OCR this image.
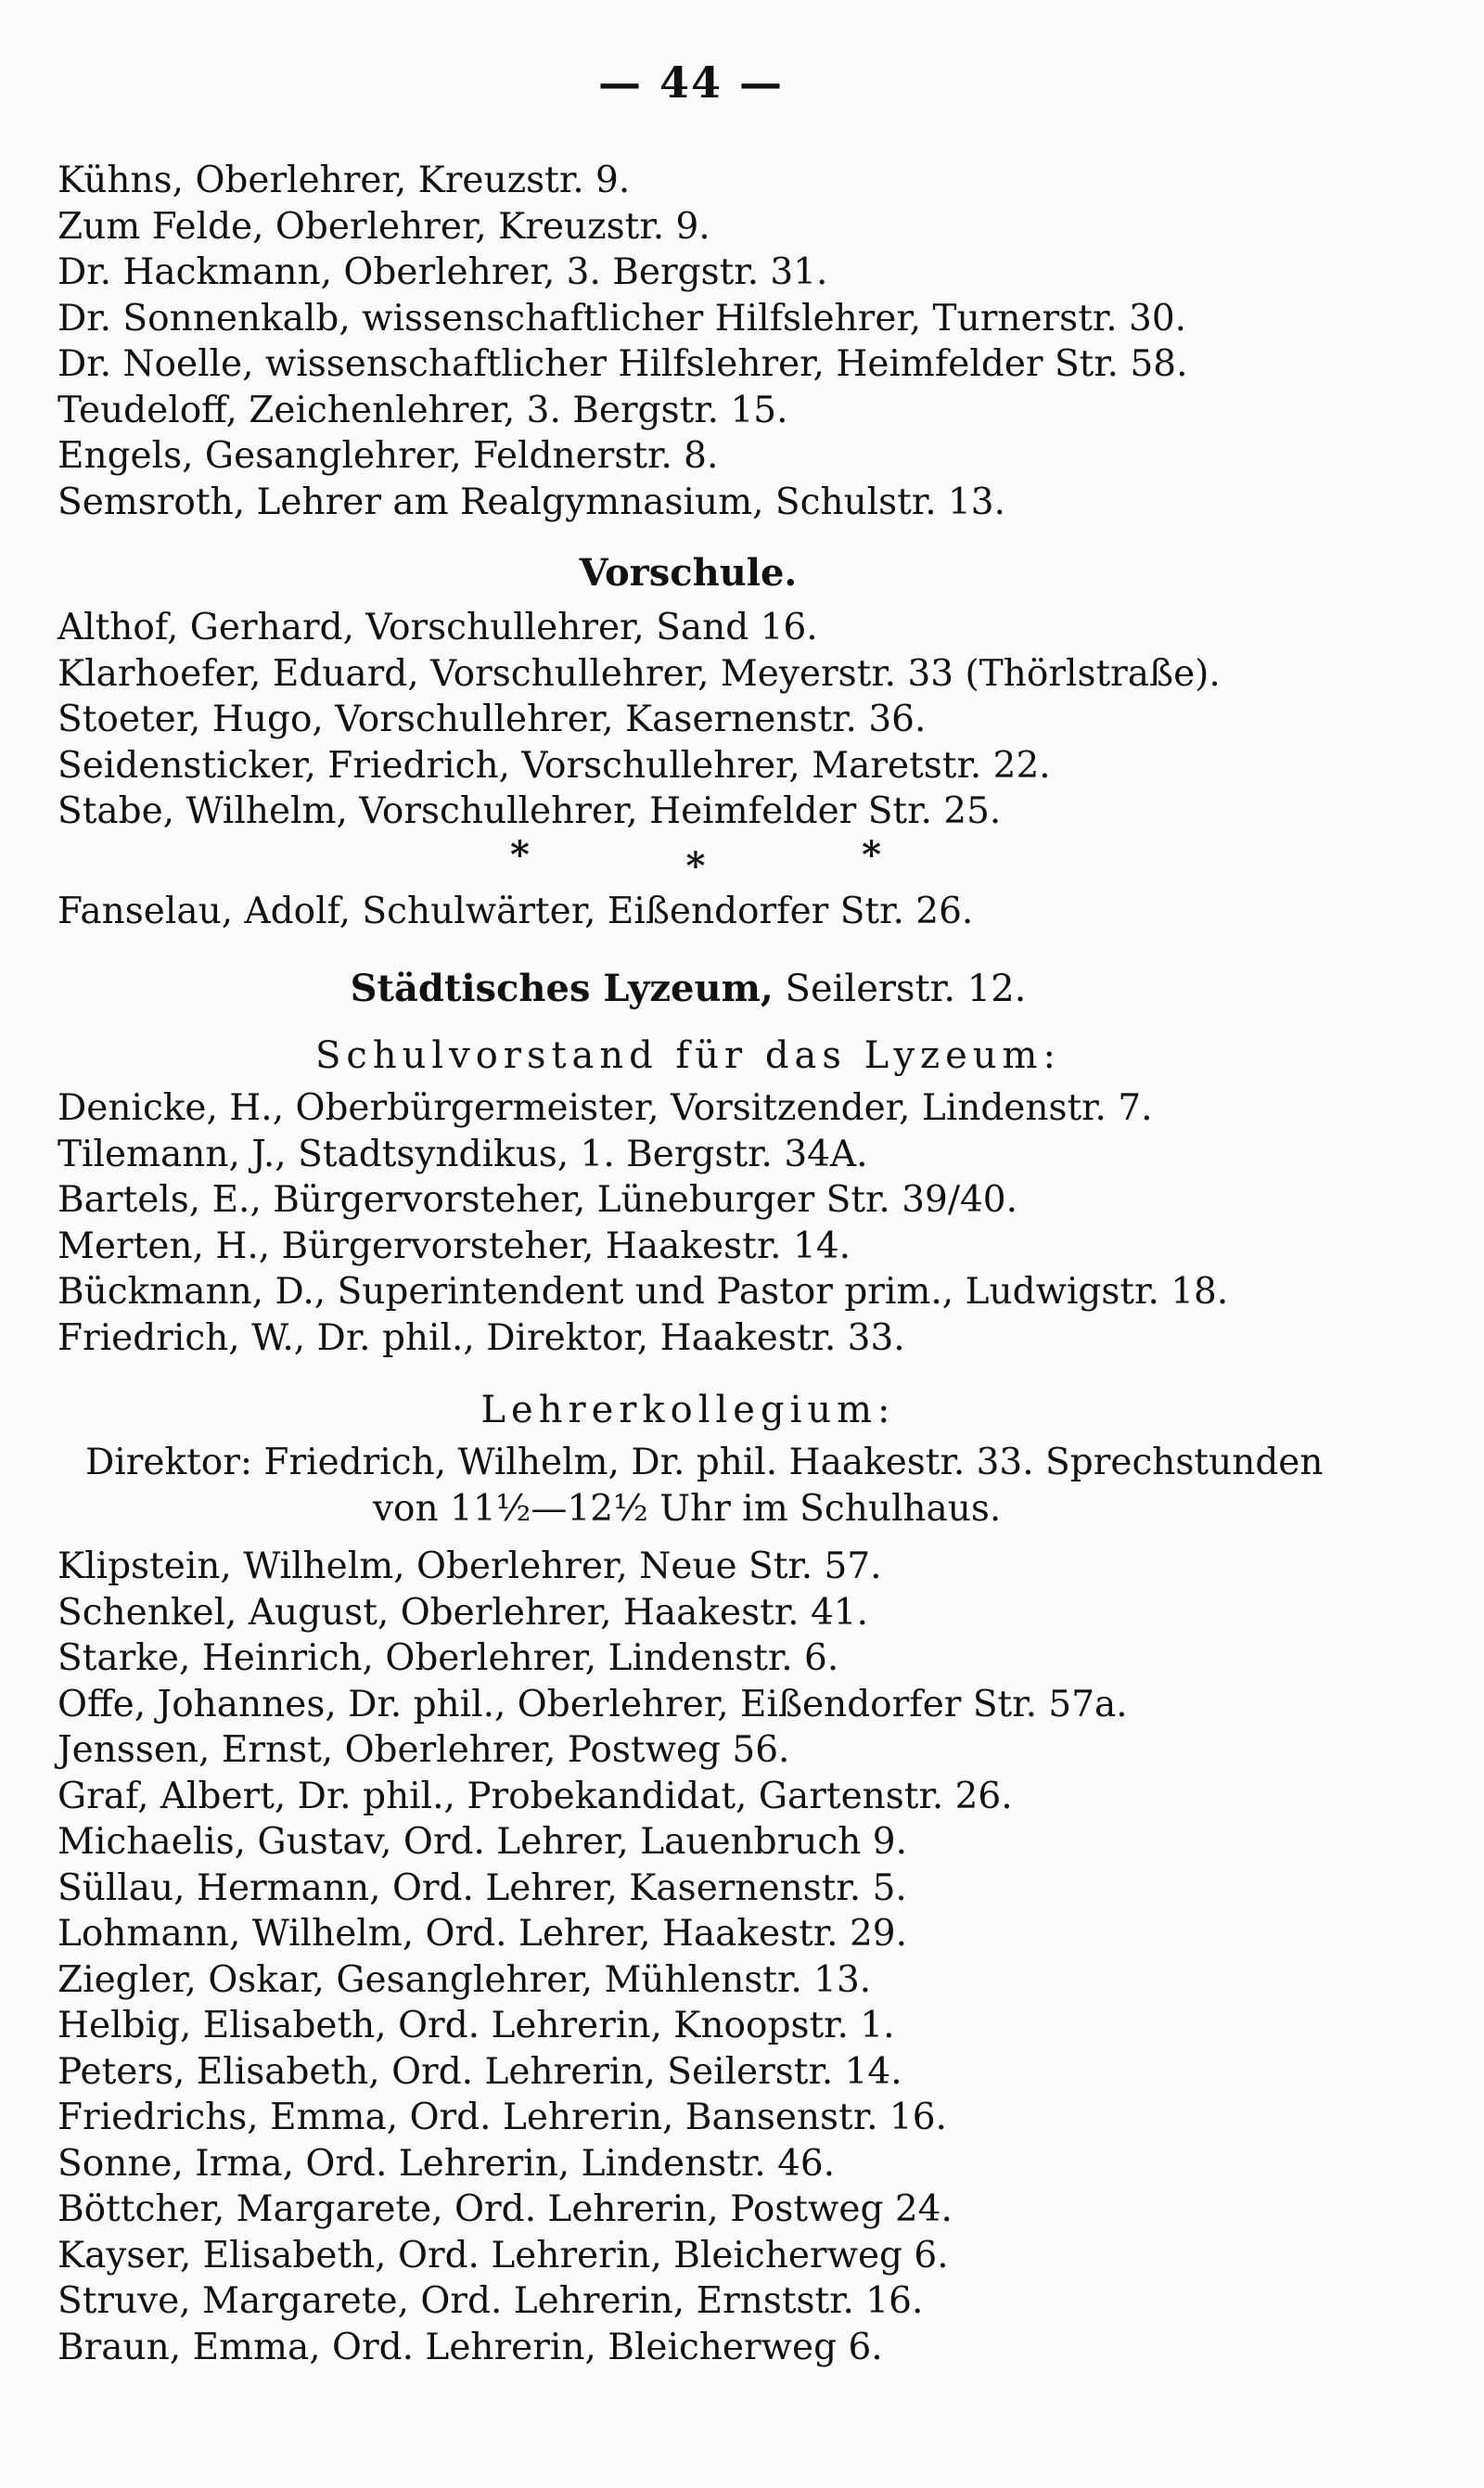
— 44 —
Kühns, Oberlehrer, Kreuzstr. 9.
Zum Felde, Oberlehrer, Kreuzstr. 9.
Dr. Hackmann, Oberlehrer, 3. Bergstr. 31.
Dr. Sonnenkalb, wissenschaftlicher Hilfslehrer, Turnerstr. 30.
Dr. Noelle, wissenschaftlicher Hilfslehrer, Heimfelder Str. 58.
Teudeloff, Zeichenlehrer, 3. Bergstr. 15.
Engels, Gesanglehrer, Feldnerstr. 8.
Semsroth, Lehrer am Realgymnasium, Schulstr. 13.
Vorschule.
Althof, Gerhard, Vorschullehrer, Sand 16.
Klarhoefer, Eduard, Vorschullehrer, Meyerstr. 33 (Thörlstraße).
Stoeter, Hugo, Vorschullehrer, Kasernenstr. 36.
Seidensticker, Friedrich, Vorschullehrer, Maretstr. 22.
Stabe, Wilhelm, Vorschullehrer, Heimfelder Str. 25.
*	*	*
Fanselau, Adolf, Schulwärter, Eißendorfer Str. 26.
Städtisches Lyzeum, Seilerstr. 12.
Schulvorstand für das Lyzeum:
Denicke, H., Oberbürgermeister, Vorsitzender, Lindenstr. 7.
Tilemann, J., Stadtsyndikus, 1. Bergstr. 34A.
Bartels, E., Bürgervorsteher, Lüneburger Str. 39/40.
Merten, H., Bürgervorsteher, Haakestr. 14.
Bückmann, D., Superintendent und Pastor prim., Ludwigstr. 18.
Friedrich, W., Dr. phil., Direktor, Haakestr. 33.
Lehrerkollegium:
Direktor: Friedrich, Wilhelm, Dr. phil. Haakestr. 33. Sprechstunden
von 11½—12½ Uhr im Schulhaus.
Klipstein, Wilhelm, Oberlehrer, Neue Str. 57.
Schenkel, August, Oberlehrer, Haakestr. 41.
Starke, Heinrich, Oberlehrer, Lindenstr. 6.
Offe, Johannes, Dr. phil., Oberlehrer, Eißendorfer Str. 57a.
Jenssen, Ernst, Oberlehrer, Postweg 56.
Graf, Albert, Dr. phil., Probekandidat, Gartenstr. 26.
Michaelis, Gustav, Ord. Lehrer, Lauenbruch 9.
Süllau, Hermann, Ord. Lehrer, Kasernenstr. 5.
Lohmann, Wilhelm, Ord. Lehrer, Haakestr. 29.
Ziegler, Oskar, Gesanglehrer, Mühlenstr. 13.
Helbig, Elisabeth, Ord. Lehrerin, Knoopstr. 1.
Peters, Elisabeth, Ord. Lehrerin, Seilerstr. 14.
Friedrichs, Emma, Ord. Lehrerin, Bansenstr. 16.
Sonne, Irma, Ord. Lehrerin, Lindenstr. 46.
Böttcher, Margarete, Ord. Lehrerin, Postweg 24.
Kayser, Elisabeth, Ord. Lehrerin, Bleicherweg 6.
Struve, Margarete, Ord. Lehrerin, Ernststr. 16.
Braun, Emma, Ord. Lehrerin, Bleicherweg 6.
